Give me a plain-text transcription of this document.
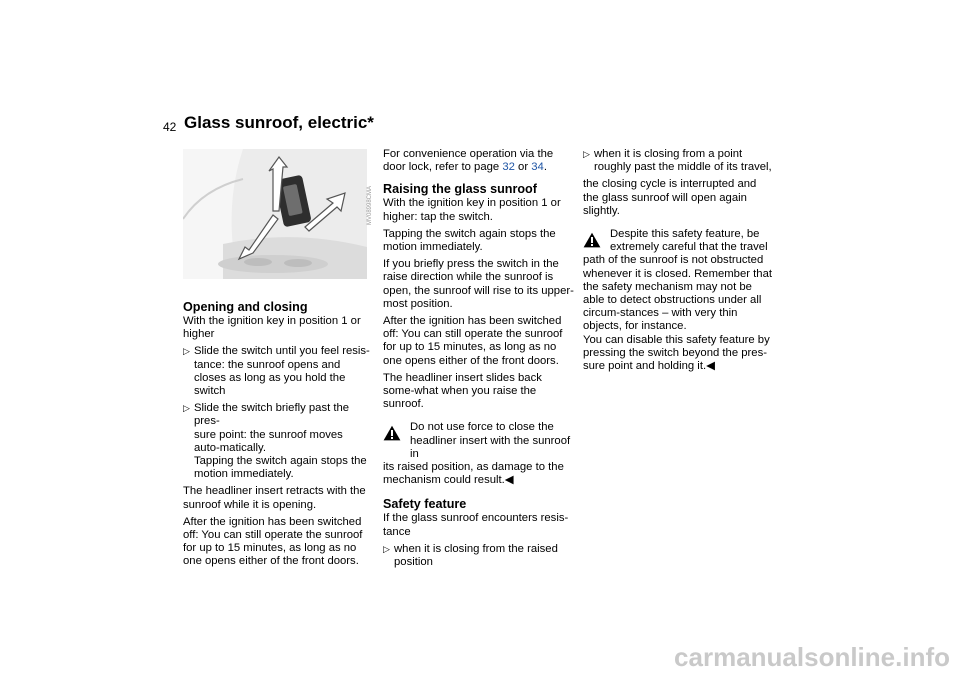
42 Glass sunroof, electric*
MV08998CMA
Opening and closing

With the ignition key in position 1 or higher

▷ Slide the switch until you feel resis-

tance: the sunroof opens and closes as long as you hold the switch

▷ Slide the switch briefly past the pres-

sure point: the sunroof moves auto-matically.

Tapping the switch again stops the motion immediately.

The headliner insert retracts with the sunroof while it is opening.

After the ignition has been switched off: You can still operate the sunroof for up to 15 minutes, as long as no one opens either of the front doors.

For convenience operation via the door lock, refer to page 32 or 34.

Raising the glass sunroof

With the ignition key in position 1 or higher: tap the switch.

Tapping the switch again stops the motion immediately.

If you briefly press the switch in the raise direction while the sunroof is open, the sunroof will rise to its upper-most position.

After the ignition has been switched off: You can still operate the sunroof for up to 15 minutes, as long as no one opens either of the front doors.

The headliner insert slides back some-what when you raise the sunroof.

Do not use force to close the
headliner insert with the sunroof in
its raised position, as damage to the mechanism could result.◀
Safety feature

If the glass sunroof encounters resis-tance

▷ when it is closing from the raised

position

▷ when it is closing from a point

roughly past the middle of its travel,

the closing cycle is interrupted and the glass sunroof will open again slightly.

Despite this safety feature, be
extremely careful that the travel
path of the sunroof is not obstructed whenever it is closed. Remember that the safety mechanism may not be able to detect obstructions under all circum-stances – with very thin objects, for instance.

You can disable this safety feature by pressing the switch beyond the pres-sure point and holding it.◀

carmanualsonline.info
